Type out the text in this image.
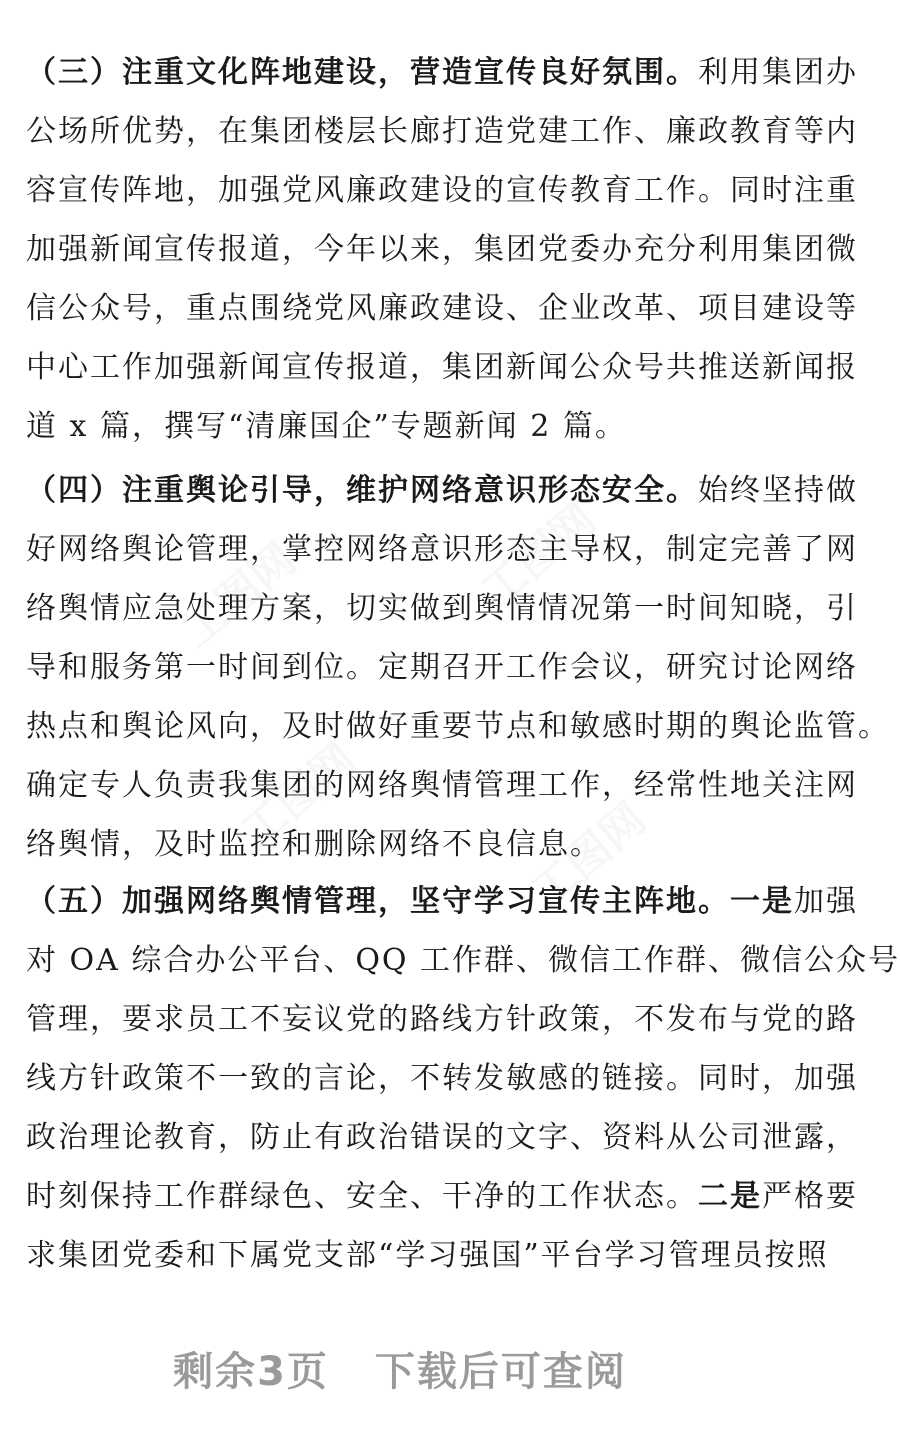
（三）注重文化阵地建设，营造宣传良好氛围。利用集团办
公场所优势，在集团楼层长廊打造党建工作、廉政教育等内
容宣传阵地，加强党风廉政建设的宣传教育工作。同时注重
加强新闻宣传报道，今年以来，集团党委办充分利用集团微
信公众号，重点围绕党风廉政建设、企业改革、项目建设等
中心工作加强新闻宣传报道，集团新闻公众号共推送新闻报
道 x 篇，撰写“清廉国企”专题新闻 2 篇。
（四）注重舆论引导，维护网络意识形态安全。始终坚持做
好网络舆论管理，掌控网络意识形态主导权，制定完善了网
络舆情应急处理方案，切实做到舆情情况第一时间知晓，引
导和服务第一时间到位。定期召开工作会议，研究讨论网络
热点和舆论风向，及时做好重要节点和敏感时期的舆论监管。
确定专人负责我集团的网络舆情管理工作，经常性地关注网
络舆情，及时监控和删除网络不良信息。
（五）加强网络舆情管理，坚守学习宣传主阵地。一是加强
对 OA 综合办公平台、QQ 工作群、微信工作群、微信公众号
管理，要求员工不妄议党的路线方针政策，不发布与党的路
线方针政策不一致的言论，不转发敏感的链接。同时，加强
政治理论教育，防止有政治错误的文字、资料从公司泄露，
时刻保持工作群绿色、安全、干净的工作状态。二是严格要
求集团党委和下属党支部“学习强国”平台学习管理员按照
剩余3页 下载后可查阅
